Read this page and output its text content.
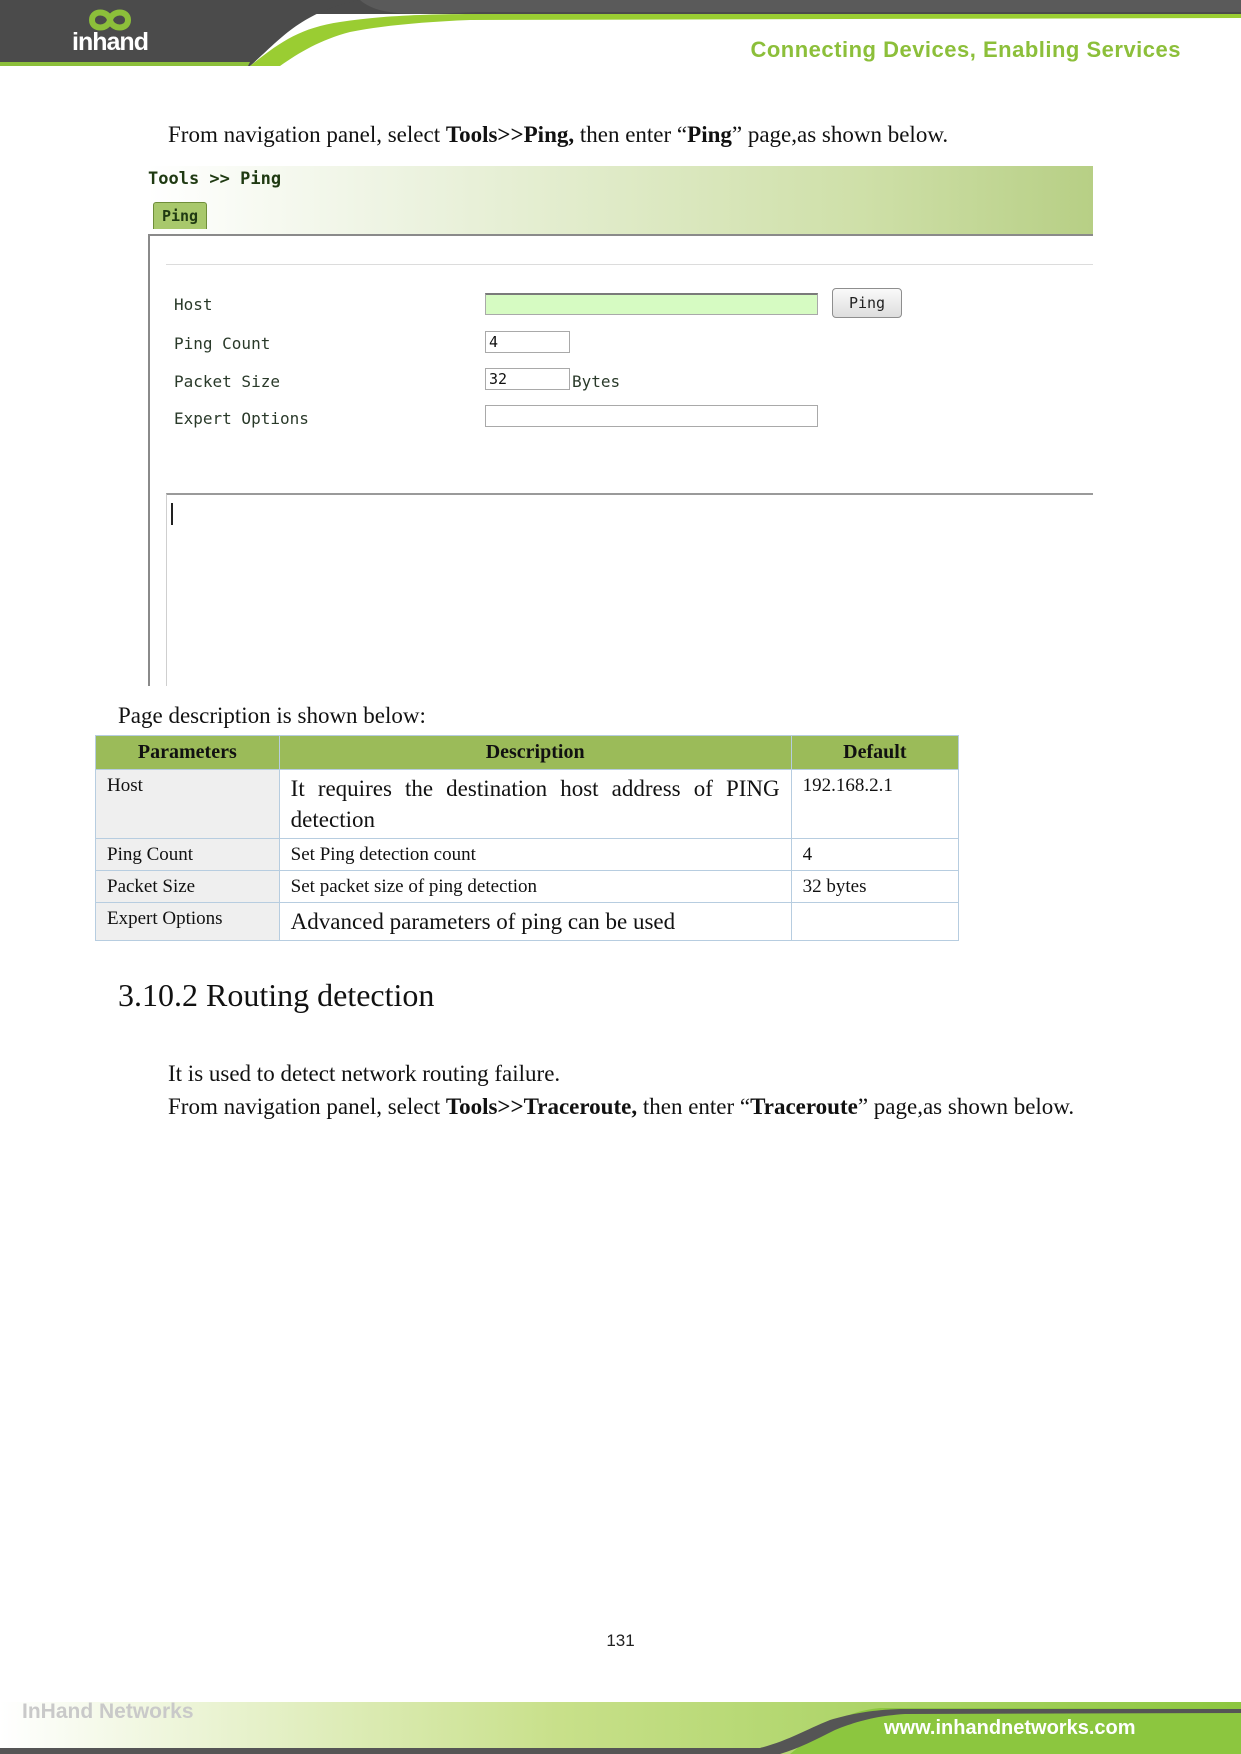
inhand	Connecting Devices, Enabling Services
From navigation panel, select Tools>>Ping, then enter “Ping” page,as shown below.
Tools >> Ping
Ping
Host	Ping
Ping Count	4
Packet Size	32	Bytes
Expert Options
Page description is shown below:
Parameters	Description	Default
Host	It requires the destination host address of PING detection	192.168.2.1
Ping Count	Set Ping detection count	4
Packet Size	Set packet size of ping detection	32 bytes
Expert Options	Advanced parameters of ping can be used	
3.10.2 Routing detection
It is used to detect network routing failure.
From navigation panel, select Tools>>Traceroute, then enter “Traceroute” page,as shown below.
131
InHand Networks
www.inhandnetworks.com
